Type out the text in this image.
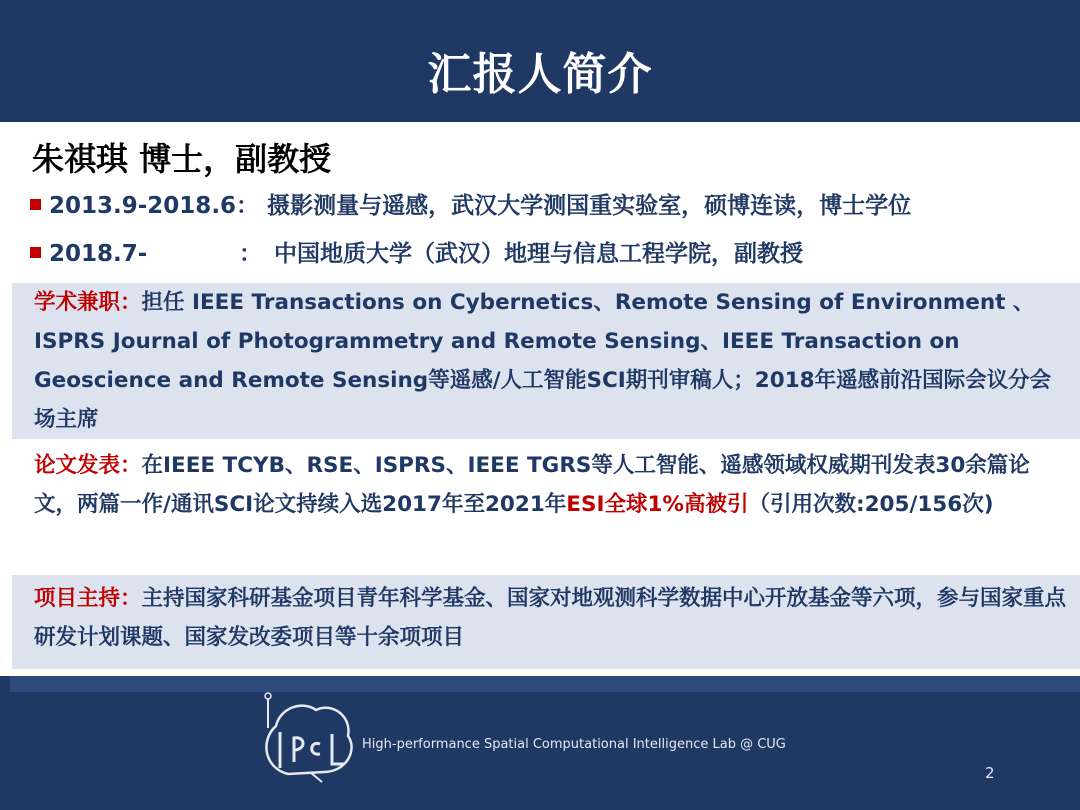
汇报人简介
朱祺琪 博士，副教授
2013.9-2018.6： 摄影测量与遥感，武汉大学测国重实验室，硕博连读，博士学位
2018.7-	： 中国地质大学（武汉）地理与信息工程学院，副教授
学术兼职：担任 IEEE Transactions on Cybernetics、Remote Sensing of Environment 、ISPRS Journal of Photogrammetry and Remote Sensing、IEEE Transaction on Geoscience and Remote Sensing等遥感/人工智能SCI期刊审稿人；2018年遥感前沿国际会议分会场主席
论文发表：在IEEE TCYB、RSE、ISPRS、IEEE TGRS等人工智能、遥感领域权威期刊发表30余篇论文，两篇一作/通讯SCI论文持续入选2017年至2021年ESI全球1%高被引（引用次数:205/156次)
项目主持：主持国家科研基金项目青年科学基金、国家对地观测科学数据中心开放基金等六项，参与国家重点研发计划课题、国家发改委项目等十余项项目
High-performance Spatial Computational Intelligence Lab @ CUG
2
